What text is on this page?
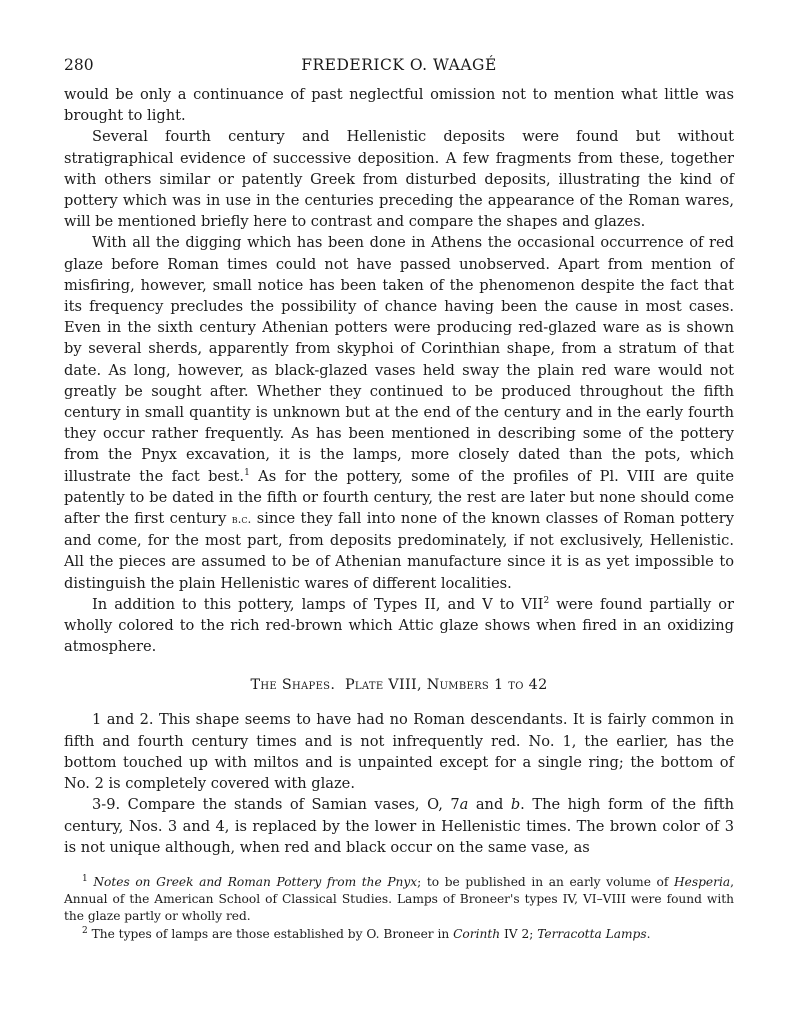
280	FREDERICK O. WAAGÉ

would be only a continuance of past neglectful omission not to mention what little was brought to light.

Several fourth century and Hellenistic deposits were found but without stratigraphical evidence of successive deposition. A few fragments from these, together with others similar or patently Greek from disturbed deposits, illustrating the kind of pottery which was in use in the centuries preceding the appearance of the Roman wares, will be mentioned briefly here to contrast and compare the shapes and glazes.

With all the digging which has been done in Athens the occasional occurrence of red glaze before Roman times could not have passed unobserved. Apart from mention of misfiring, however, small notice has been taken of the phenomenon despite the fact that its frequency precludes the possibility of chance having been the cause in most cases. Even in the sixth century Athenian potters were producing red-glazed ware as is shown by several sherds, apparently from skyphoi of Corinthian shape, from a stratum of that date. As long, however, as black-glazed vases held sway the plain red ware would not greatly be sought after. Whether they continued to be produced throughout the fifth century in small quantity is unknown but at the end of the century and in the early fourth they occur rather frequently. As has been mentioned in describing some of the pottery from the Pnyx excavation, it is the lamps, more closely dated than the pots, which illustrate the fact best.$^1$ As for the pottery, some of the profiles of Pl. VIII are quite patently to be dated in the fifth or fourth century, the rest are later but none should come after the first century b.c. since they fall into none of the known classes of Roman pottery and come, for the most part, from deposits predominately, if not exclusively, Hellenistic. All the pieces are assumed to be of Athenian manufacture since it is as yet impossible to distinguish the plain Hellenistic wares of different localities.

In addition to this pottery, lamps of Types II, and V to VII$^2$ were found partially or wholly colored to the rich red-brown which Attic glaze shows when fired in an oxidizing atmosphere.

The Shapes. Plate VIII, Numbers 1 to 42

1 and 2. This shape seems to have had no Roman descendants. It is fairly common in fifth and fourth century times and is not infrequently red. No. 1, the earlier, has the bottom touched up with miltos and is unpainted except for a single ring; the bottom of No. 2 is completely covered with glaze.

3-9. Compare the stands of Samian vases, O, 7a and b. The high form of the fifth century, Nos. 3 and 4, is replaced by the lower in Hellenistic times. The brown color of 3 is not unique although, when red and black occur on the same vase, as

$^1$ Notes on Greek and Roman Pottery from the Pnyx; to be published in an early volume of Hesperia, Annual of the American School of Classical Studies. Lamps of Broneer's types IV, VI–VIII were found with the glaze partly or wholly red.

$^2$ The types of lamps are those established by O. Broneer in Corinth IV 2; Terracotta Lamps.
